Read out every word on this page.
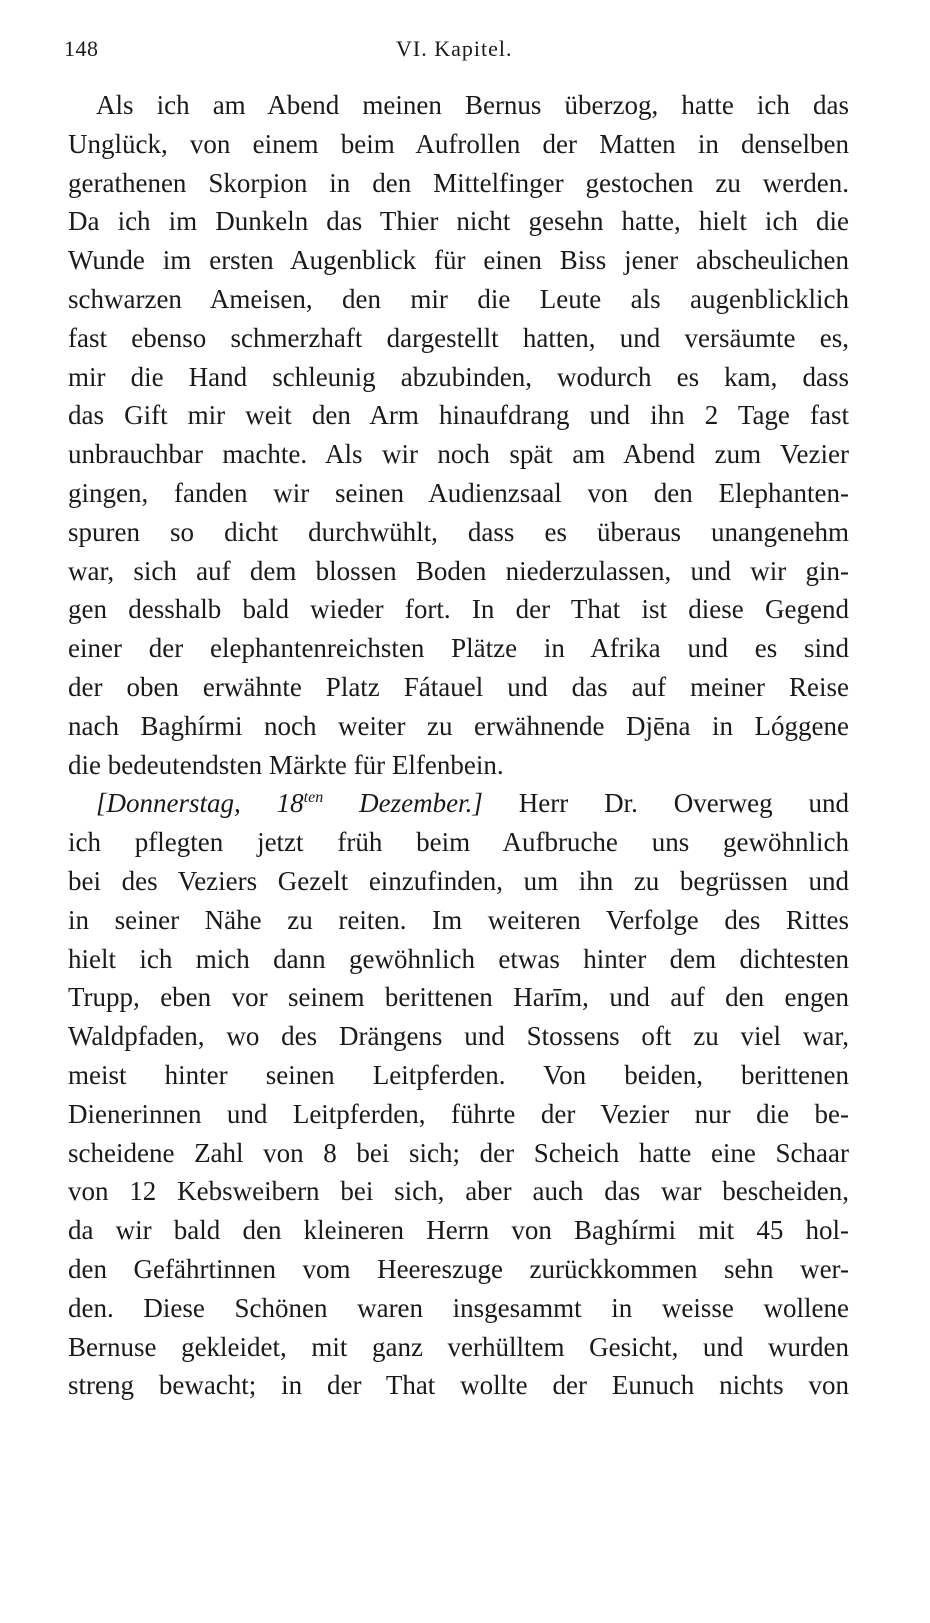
148	VI. Kapitel.
Als ich am Abend meinen Bernus überzog, hatte ich das
Unglück, von einem beim Aufrollen der Matten in denselben
gerathenen Skorpion in den Mittelfinger gestochen zu werden.
Da ich im Dunkeln das Thier nicht gesehn hatte, hielt ich die
Wunde im ersten Augenblick für einen Biss jener abscheulichen
schwarzen Ameisen, den mir die Leute als augenblicklich
fast ebenso schmerzhaft dargestellt hatten, und versäumte es,
mir die Hand schleunig abzubinden, wodurch es kam, dass
das Gift mir weit den Arm hinaufdrang und ihn 2 Tage fast
unbrauchbar machte. Als wir noch spät am Abend zum Vezier
gingen, fanden wir seinen Audienzsaal von den Elephanten-
spuren so dicht durchwühlt, dass es überaus unangenehm
war, sich auf dem blossen Boden niederzulassen, und wir gin-
gen desshalb bald wieder fort. In der That ist diese Gegend
einer der elephantenreichsten Plätze in Afrika und es sind
der oben erwähnte Platz Fátauel und das auf meiner Reise
nach Baghírmi noch weiter zu erwähnende Djēna in Lóggene
die bedeutendsten Märkte für Elfenbein.
[Donnerstag, $18^{ten}$ Dezember.] Herr Dr. Overweg und
ich pflegten jetzt früh beim Aufbruche uns gewöhnlich
bei des Veziers Gezelt einzufinden, um ihn zu begrüssen und
in seiner Nähe zu reiten. Im weiteren Verfolge des Rittes
hielt ich mich dann gewöhnlich etwas hinter dem dichtesten
Trupp, eben vor seinem berittenen Harīm, und auf den engen
Waldpfaden, wo des Drängens und Stossens oft zu viel war,
meist hinter seinen Leitpferden. Von beiden, berittenen
Dienerinnen und Leitpferden, führte der Vezier nur die be-
scheidene Zahl von 8 bei sich; der Scheich hatte eine Schaar
von 12 Kebsweibern bei sich, aber auch das war bescheiden,
da wir bald den kleineren Herrn von Baghírmi mit 45 hol-
den Gefährtinnen vom Heereszuge zurückkommen sehn wer-
den. Diese Schönen waren insgesammt in weisse wollene
Bernuse gekleidet, mit ganz verhülltem Gesicht, und wurden
streng bewacht; in der That wollte der Eunuch nichts von
